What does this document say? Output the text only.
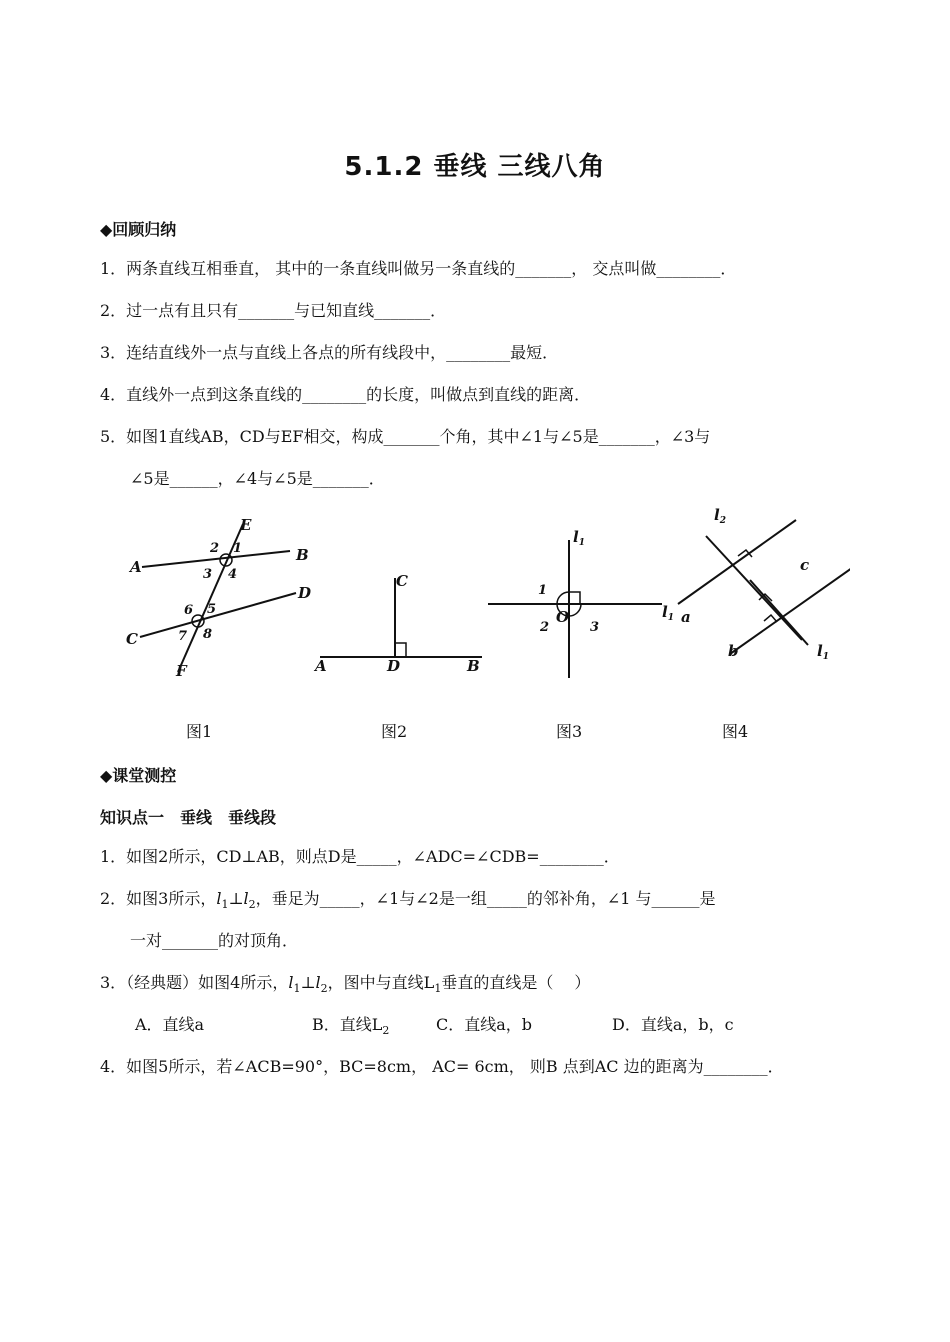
5.1.2 垂线 三线八角
◆回顾归纳
1．两条直线互相垂直， 其中的一条直线叫做另一条直线的_______， 交点叫做________．
2．过一点有且只有_______与已知直线_______．
3．连结直线外一点与直线上各点的所有线段中，________最短．
4．直线外一点到这条直线的________的长度，叫做点到直线的距离．
5．如图1直线AB，CD与EF相交，构成_______个角，其中∠1与∠5是_______，∠3与
∠5是______，∠4与∠5是_______．
E
A
B
C
D
F
1
2
3 4
5
6
7 8
C
A	D	B
$l_1$
$l_1$
1
O
2	3
$l_2$
c
a
b	$l_1$
图1	图2	图3	图4
◆课堂测控
知识点一　垂线　垂线段
1．如图2所示，CD⊥AB，则点D是_____，∠ADC=∠CDB=________．
2．如图3所示，$l_1\perp l_2$，垂足为_____，∠1与∠2是一组_____的邻补角，∠1 与______是
一对_______的对顶角．
3．（经典题）如图4所示，$l_1\perp l_2$，图中与直线$L_1$垂直的直线是（　 ）
A．直线a	B．直线$L_2$	C．直线a，b	D．直线a，b，c
4．如图5所示，若∠ACB=90°，BC=8cm， AC= 6cm， 则B 点到AC 边的距离为________．
